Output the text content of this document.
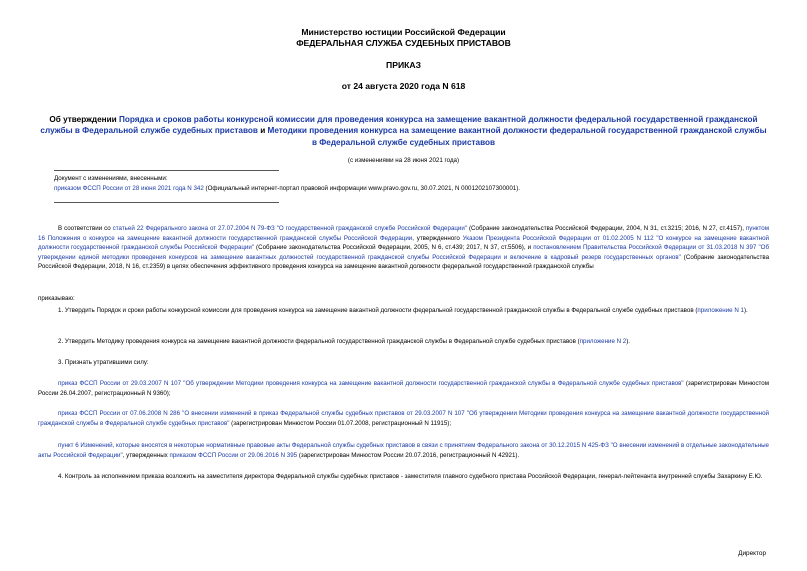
Министерство юстиции Российской Федерации
ФЕДЕРАЛЬНАЯ СЛУЖБА СУДЕБНЫХ ПРИСТАВОВ
ПРИКАЗ
от 24 августа 2020 года N 618
Об утверждении Порядка и сроков работы конкурсной комиссии для проведения конкурса на замещение вакантной должности федеральной государственной гражданской службы в Федеральной службе судебных приставов и Методики проведения конкурса на замещение вакантной должности федеральной государственной гражданской службы в Федеральной службе судебных приставов
(с изменениями на 28 июня 2021 года)
Документ с изменениями, внесенными:
приказом ФССП России от 28 июня 2021 года N 342 (Официальный интернет-портал правовой информации www.pravo.gov.ru, 30.07.2021, N 0001202107300001).
В соответствии со статьей 22 Федерального закона от 27.07.2004 N 79-ФЗ "О государственной гражданской службе Российской Федерации" (Собрание законодательства Российской Федерации, 2004, N 31, ст.3215; 2016, N 27, ст.4157), пунктом 16 Положения о конкурсе на замещение вакантной должности государственной гражданской службы Российской Федерации, утвержденного Указом Президента Российской Федерации от 01.02.2005 N 112 "О конкурсе на замещение вакантной должности государственной гражданской службы Российской Федерации" (Собрание законодательства Российской Федерации, 2005, N 6, ст.439; 2017, N 37, ст.5506), и постановлением Правительства Российской Федерации от 31.03.2018 N 397 "Об утверждении единой методики проведения конкурсов на замещение вакантных должностей государственной гражданской службы Российской Федерации и включение в кадровый резерв государственных органов" (Собрание законодательства Российской Федерации, 2018, N 16, ст.2359) в целях обеспечения эффективного проведения конкурса на замещение вакантной должности федеральной государственной гражданской службы
приказываю:
1. Утвердить Порядок и сроки работы конкурсной комиссии для проведения конкурса на замещение вакантной должности федеральной государственной гражданской службы в Федеральной службе судебных приставов (приложение N 1).
2. Утвердить Методику проведения конкурса на замещение вакантной должности федеральной государственной гражданской службы в Федеральной службе судебных приставов (приложение N 2).
3. Признать утратившими силу:
приказ ФССП России от 29.03.2007 N 107 "Об утверждении Методики проведения конкурса на замещение вакантной должности государственной гражданской службы в Федеральной службе судебных приставов" (зарегистрирован Минюстом России 26.04.2007, регистрационный N 9360);
приказ ФССП России от 07.06.2008 N 286 "О внесении изменений в приказ Федеральной службы судебных приставов от 29.03.2007 N 107 "Об утверждении Методики проведения конкурса на замещение вакантной должности государственной гражданской службы в Федеральной службе судебных приставов" (зарегистрирован Минюстом России 01.07.2008, регистрационный N 11915);
пункт 6 Изменений, которые вносятся в некоторые нормативные правовые акты Федеральной службы судебных приставов в связи с принятием Федерального закона от 30.12.2015 N 425-ФЗ "О внесении изменений в отдельные законодательные акты Российской Федерации", утвержденных приказом ФССП России от 29.06.2016 N 395 (зарегистрирован Минюстом России 20.07.2016, регистрационный N 42921).
4. Контроль за исполнением приказа возложить на заместителя директора Федеральной службы судебных приставов - заместителя главного судебного пристава Российской Федерации, генерал-лейтенанта внутренней службы Захаркину Е.Ю.
Директор
